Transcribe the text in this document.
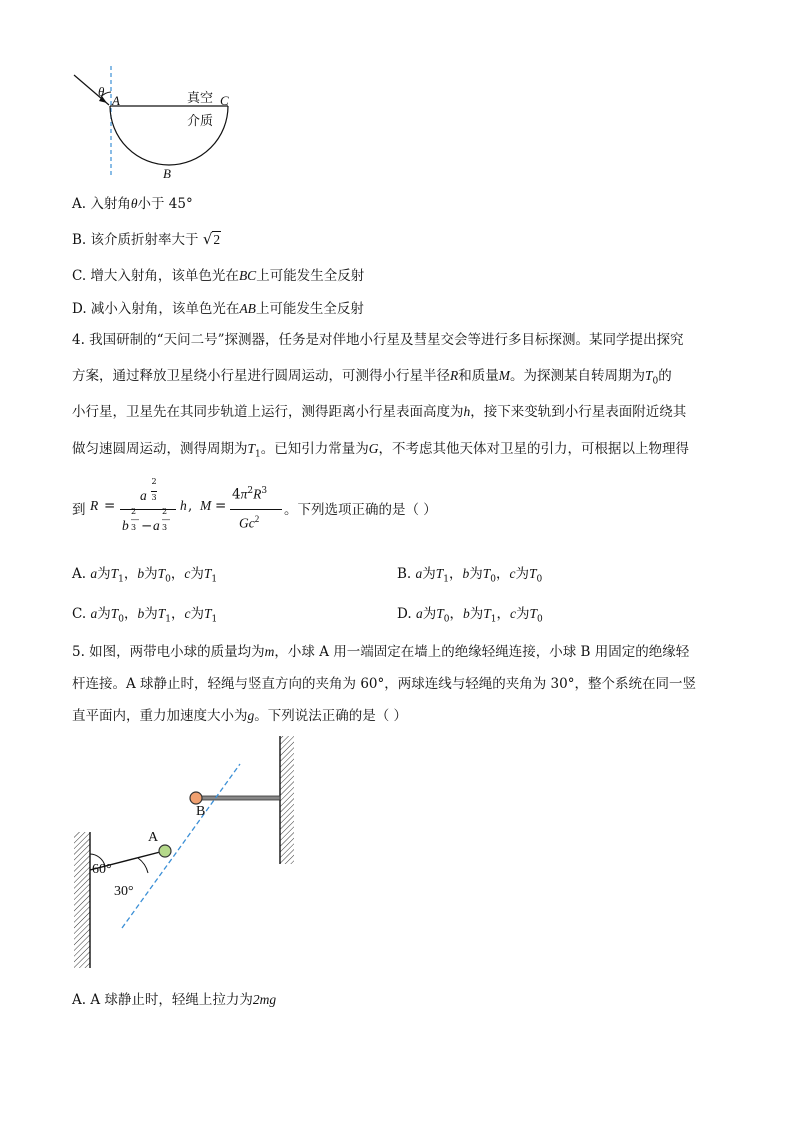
θ
A	真空 C
介质
B
A. 入射角θ小于 45°
B. 该介质折射率大于 √2
C. 增大入射角，该单色光在BC上可能发生全反射
D. 减小入射角，该单色光在AB上可能发生全反射
4. 我国研制的“天问二号”探测器，任务是对伴地小行星及彗星交会等进行多目标探测。某同学提出探究
方案，通过释放卫星绕小行星进行圆周运动，可测得小行星半径R和质量M。为探测某自转周期为$T_0$的
小行星，卫星先在其同步轨道上运行，测得距离小行星表面高度为h，接下来变轨到小行星表面附近绕其
做匀速圆周运动，测得周期为$T_1$。已知引力常量为G，不考虑其他天体对卫星的引力，可根据以上物理得
到 R =
a
2

3
b
2
―
3 − a
2
―
3
h , M =
$4\pi^2R^3$
Gc$^2$
。下列选项正确的是（ ）
A. a为$T_1$，b为$T_0$，c为$T_1$	B. a为$T_1$，b为$T_0$，c为$T_0$
C. a为$T_0$，b为$T_1$，c为$T_1$	D. a为$T_0$，b为$T_1$，c为$T_0$
5. 如图，两带电小球的质量均为m，小球 A 用一端固定在墙上的绝缘轻绳连接，小球 B 用固定的绝缘轻
杆连接。A 球静止时，轻绳与竖直方向的夹角为 60°，两球连线与轻绳的夹角为 30°，整个系统在同一竖
直平面内，重力加速度大小为g。下列说法正确的是（ ）
A
B
60°
30°
A. A 球静止时，轻绳上拉力为2mg
